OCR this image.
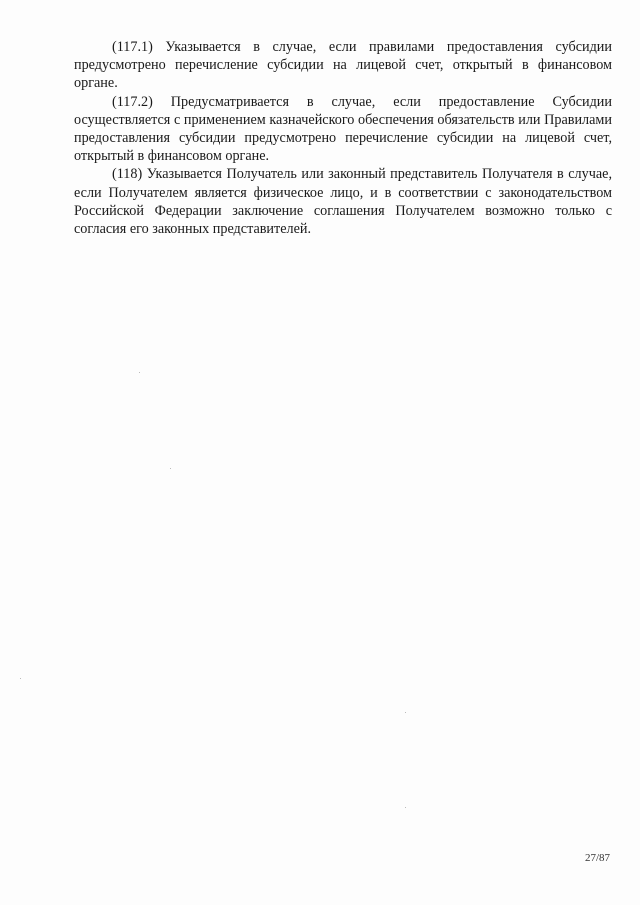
(117.1) Указывается в случае, если правилами предоставления субсидии предусмотрено перечисление субсидии на лицевой счет, открытый в финансовом органе.

(117.2) Предусматривается в случае, если предоставление Субсидии осуществляется с применением казначейского обеспечения обязательств или Правилами предоставления субсидии предусмотрено перечисление субсидии на лицевой счет, открытый в финансовом органе.

(118) Указывается Получатель или законный представитель Получателя в случае, если Получателем является физическое лицо, и в соответствии с законодательством Российской Федерации заключение соглашения Получателем возможно только с согласия его законных представителей.

27/87
